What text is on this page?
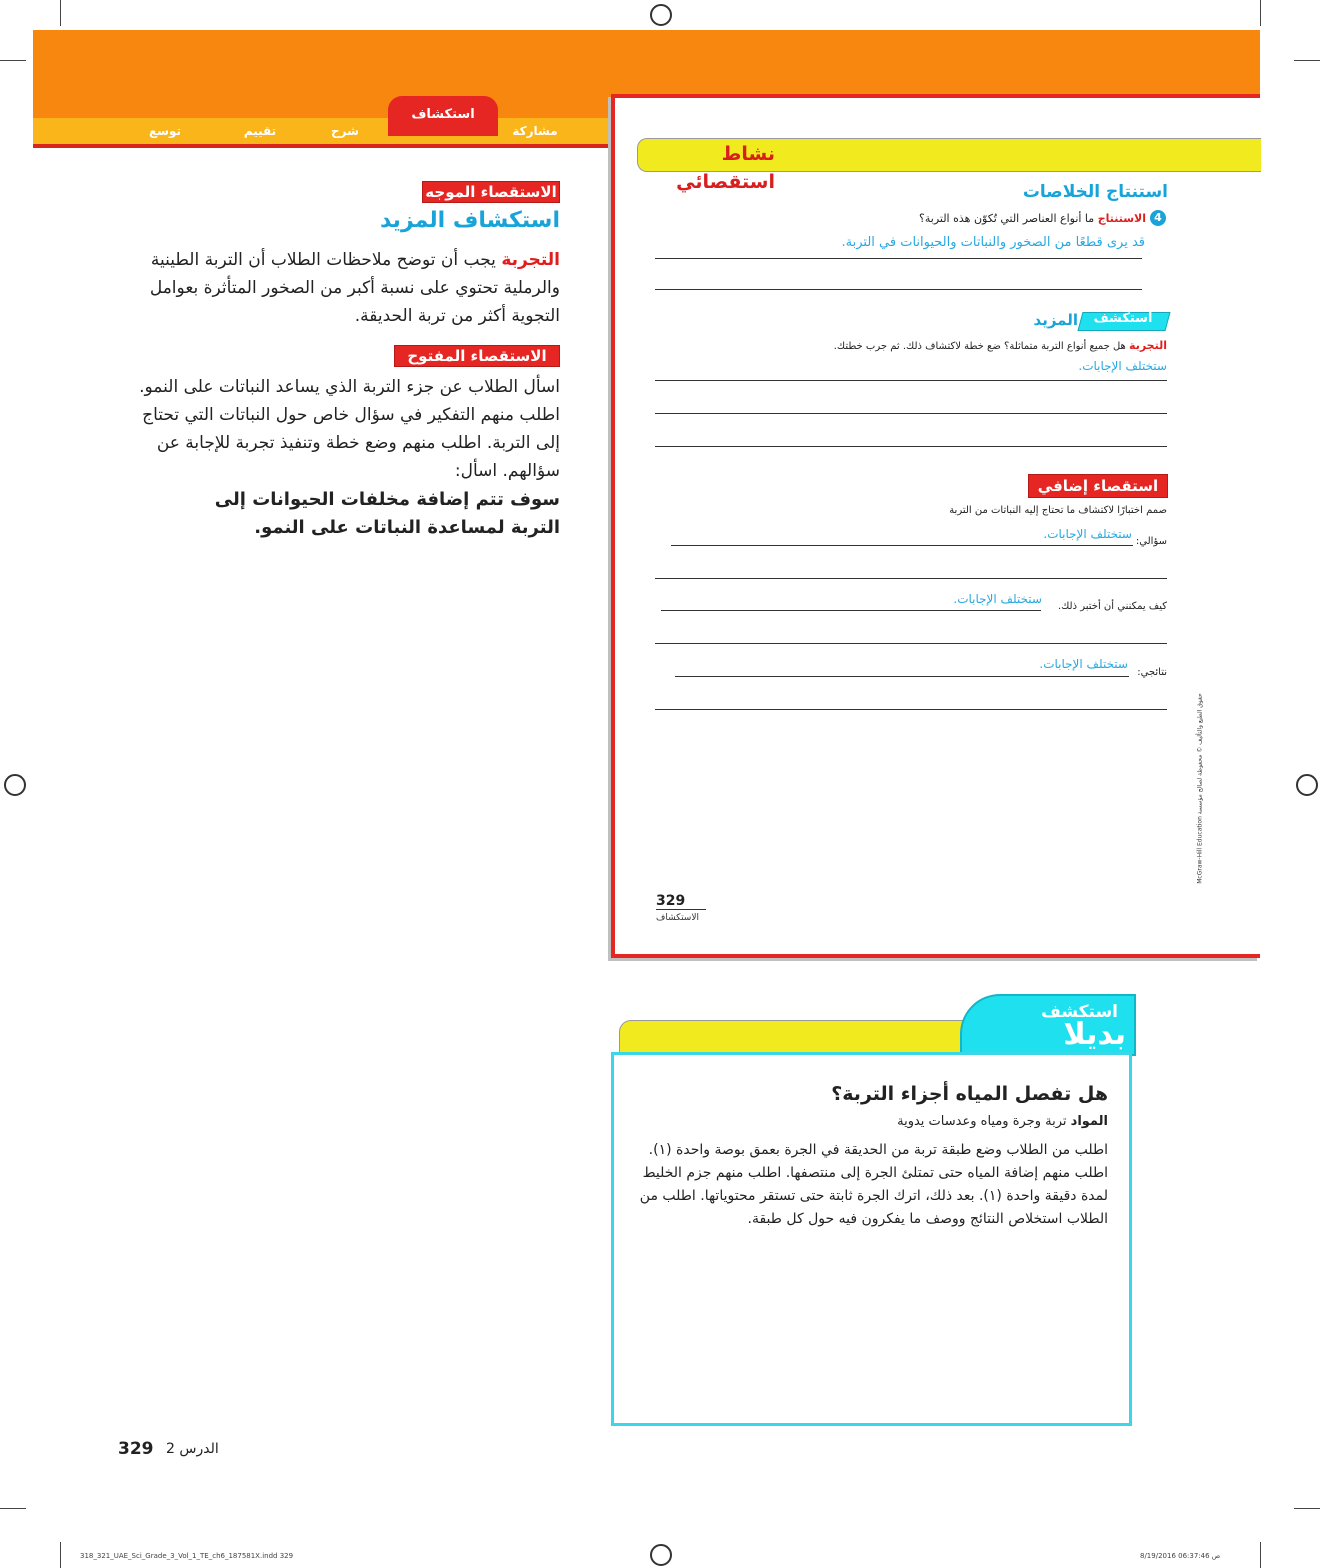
مشاركة
استكشاف
شرح
تقييم
توسع
الاستقصاء الموجه
استكشاف المزيد
التجربة يجب أن توضح ملاحظات الطلاب أن التربة الطينية والرملية تحتوي على نسبة أكبر من الصخور المتأثرة بعوامل التجوية أكثر من تربة الحديقة.
الاستقصاء المفتوح
اسأل الطلاب عن جزء التربة الذي يساعد النباتات على النمو. اطلب منهم التفكير في سؤال خاص حول النباتات التي تحتاج إلى التربة. اطلب منهم وضع خطة وتنفيذ تجربة للإجابة عن سؤالهم. اسأل:
سوف تتم إضافة مخلفات الحيوانات إلى التربة لمساعدة النباتات على النمو.
نشاط استقصائي	استنتاج الخلاصات
4
الاستنتاج ما أنواع العناصر التي تُكوّن هذه التربة؟
قد يرى قطعًا من الصخور والنباتات والحيوانات في التربة.
استكشف
المزيد
التجربة هل جميع أنواع التربة متماثلة؟ ضع خطة لاكتشاف ذلك. ثم جرب خطتك.
ستختلف الإجابات.
استقصاء إضافي
صمم اختبارًا لاكتشاف ما تحتاج إليه النباتات من التربة
سؤالي:
ستختلف الإجابات.
كيف يمكنني أن أختبر ذلك.
ستختلف الإجابات.
نتائجي:
ستختلف الإجابات.
McGraw-Hill Education حقوق الطبع والتأليف © محفوظة لصالح مؤسسة
329
الاستكشاف
استكشف
بديلا
هل تفصل المياه أجزاء التربة؟
المواد تربة وجرة ومياه وعدسات يدوية
اطلب من الطلاب وضع طبقة تربة من الحديقة في الجرة بعمق بوصة واحدة (١). اطلب منهم إضافة المياه حتى تمتلئ الجرة إلى منتصفها. اطلب منهم جزم الخليط لمدة دقيقة واحدة (١). بعد ذلك، اترك الجرة ثابتة حتى تستقر محتوياتها. اطلب من الطلاب استخلاص النتائج ووصف ما يفكرون فيه حول كل طبقة.
الدرس 2
329
318_321_UAE_Sci_Grade_3_Vol_1_TE_ch6_187581X.indd 329	8/19/2016 06:37:46 ص
